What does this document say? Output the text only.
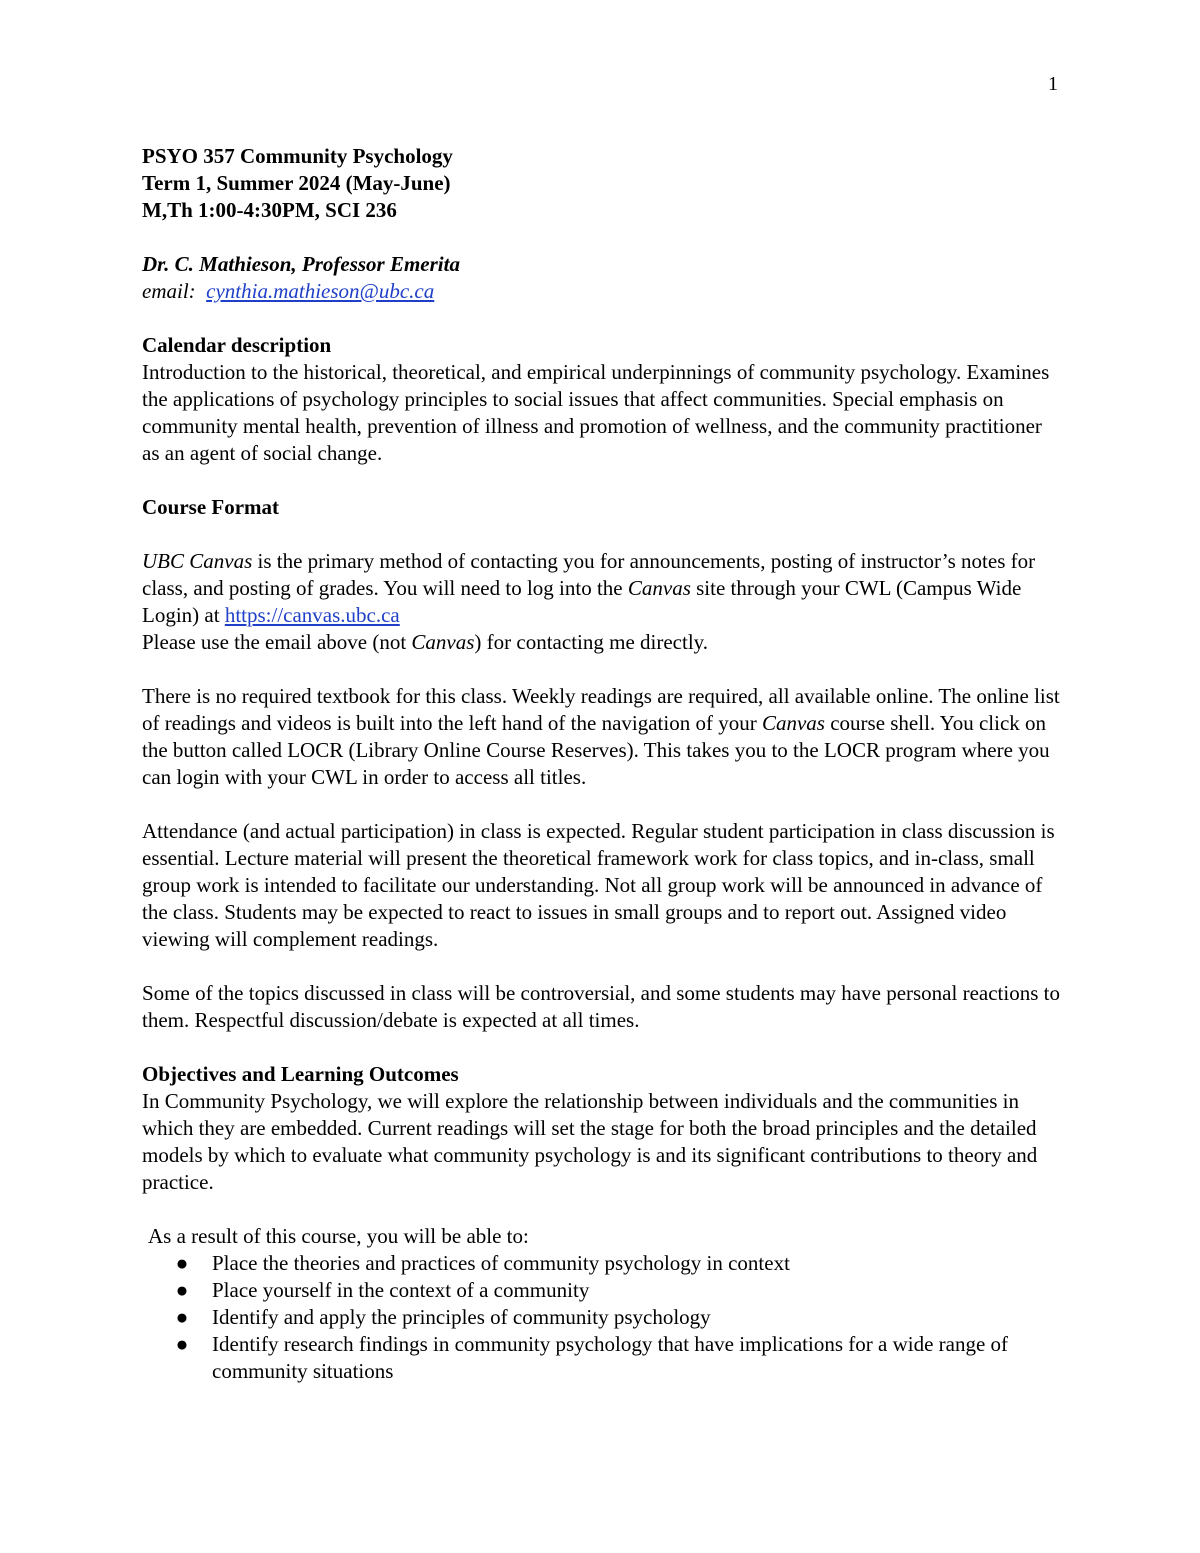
1

PSYO 357 Community Psychology

Term 1, Summer 2024 (May-June)

M,Th 1:00-4:30PM, SCI 236

Dr. C. Mathieson, Professor Emerita

email: cynthia.mathieson@ubc.ca

Calendar description

Introduction to the historical, theoretical, and empirical underpinnings of community psychology. Examines the applications of psychology principles to social issues that affect communities. Special emphasis on community mental health, prevention of illness and promotion of wellness, and the community practitioner as an agent of social change.

Course Format

UBC Canvas is the primary method of contacting you for announcements, posting of instructor’s notes for class, and posting of grades. You will need to log into the Canvas site through your CWL (Campus Wide Login) at https://canvas.ubc.ca

Please use the email above (not Canvas) for contacting me directly.

There is no required textbook for this class. Weekly readings are required, all available online. The online list of readings and videos is built into the left hand of the navigation of your Canvas course shell. You click on the button called LOCR (Library Online Course Reserves). This takes you to the LOCR program where you can login with your CWL in order to access all titles.

Attendance (and actual participation) in class is expected. Regular student participation in class discussion is essential. Lecture material will present the theoretical framework work for class topics, and in-class, small group work is intended to facilitate our understanding. Not all group work will be announced in advance of the class. Students may be expected to react to issues in small groups and to report out. Assigned video viewing will complement readings.

Some of the topics discussed in class will be controversial, and some students may have personal reactions to them. Respectful discussion/debate is expected at all times.

Objectives and Learning Outcomes

In Community Psychology, we will explore the relationship between individuals and the communities in which they are embedded. Current readings will set the stage for both the broad principles and the detailed models by which to evaluate what community psychology is and its significant contributions to theory and practice.

As a result of this course, you will be able to:

● Place the theories and practices of community psychology in context
● Place yourself in the context of a community
● Identify and apply the principles of community psychology
● Identify research findings in community psychology that have implications for a wide range of community situations
